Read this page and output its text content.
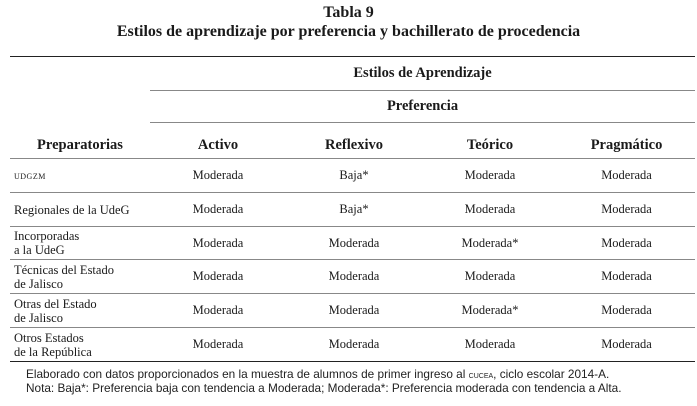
Tabla 9
Estilos de aprendizaje por preferencia y bachillerato de procedencia
	Estilos de Aprendizaje			
	Preferencia			
Preparatorias	Activo	Reflexivo	Teórico	Pragmático
udgzm	Moderada	Baja*	Moderada	Moderada
Regionales de la UdeG	Moderada	Baja*	Moderada	Moderada
Incorporadas
a la UdeG	Moderada	Moderada	Moderada*	Moderada
Técnicas del Estado
de Jalisco	Moderada	Moderada	Moderada	Moderada
Otras del Estado
de Jalisco	Moderada	Moderada	Moderada*	Moderada
Otros Estados
de la República	Moderada	Moderada	Moderada	Moderada
Elaborado con datos proporcionados en la muestra de alumnos de primer ingreso al cucea, ciclo escolar 2014-A.
Nota: Baja*: Preferencia baja con tendencia a Moderada; Moderada*: Preferencia moderada con tendencia a Alta.
